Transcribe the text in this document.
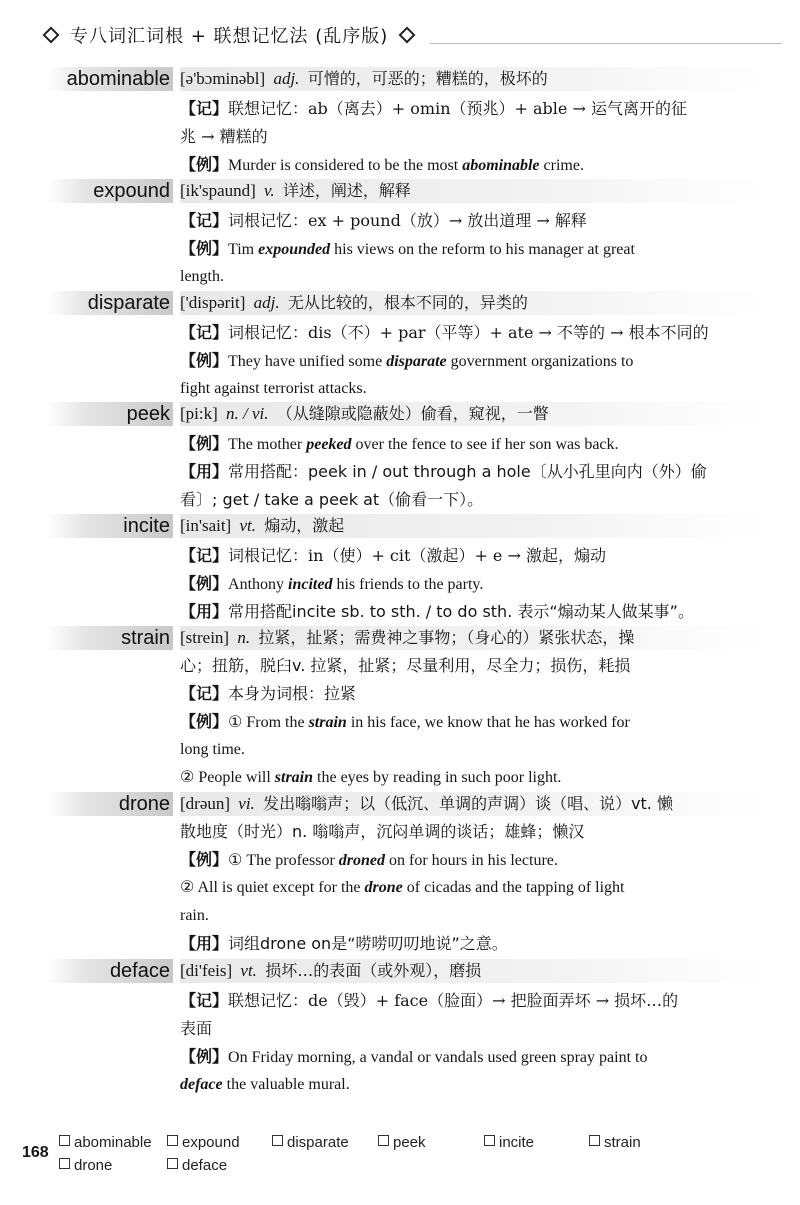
专八词汇词根 + 联想记忆法 (乱序版)
abominable [ə'bɔminəbl] adj. 可憎的，可恶的；糟糕的，极坏的
【记】联想记忆：ab（离去）+ omin（预兆）+ able → 运气离开的征
兆 → 糟糕的
【例】Murder is considered to be the most abominable crime.
expound [ik'spaund] v. 详述，阐述，解释
【记】词根记忆：ex + pound（放）→ 放出道理 → 解释
【例】Tim expounded his views on the reform to his manager at great
length.
disparate ['dispərit] adj. 无从比较的，根本不同的，异类的
【记】词根记忆：dis（不）+ par（平等）+ ate → 不等的 → 根本不同的
【例】They have unified some disparate government organizations to
fight against terrorist attacks.
peek [pi:k] n. / vi. （从缝隙或隐蔽处）偷看，窥视，一瞥
【例】The mother peeked over the fence to see if her son was back.
【用】常用搭配：peek in / out through a hole〔从小孔里向内（外）偷
看〕; get / take a peek at（偷看一下）。
incite [in'sait] vt. 煽动，激起
【记】词根记忆：in（使）+ cit（激起）+ e → 激起，煽动
【例】Anthony incited his friends to the party.
【用】常用搭配incite sb. to sth. / to do sth. 表示“煽动某人做某事”。
strain [strein] n. 拉紧，扯紧；需费神之事物；（身心的）紧张状态，操
心；扭筋，脱臼v. 拉紧，扯紧；尽量利用，尽全力；损伤，耗损
【记】本身为词根：拉紧
【例】① From the strain in his face, we know that he has worked for
long time.
② People will strain the eyes by reading in such poor light.
drone [drəun] vi. 发出嗡嗡声；以（低沉、单调的声调）谈（唱、说）vt. 懒
散地度（时光）n. 嗡嗡声，沉闷单调的谈话；雄蜂；懒汉
【例】① The professor droned on for hours in his lecture.
② All is quiet except for the drone of cicadas and the tapping of light
rain.
【用】词组drone on是“唠唠叨叨地说”之意。
deface [di'feis] vt. 损坏…的表面（或外观），磨损
【记】联想记忆：de（毁）+ face（脸面）→ 把脸面弄坏 → 损坏…的
表面
【例】On Friday morning, a vandal or vandals used green spray paint to
deface the valuable mural.
168
abominable	expound	disparate	peek	incite	strain
drone	deface
